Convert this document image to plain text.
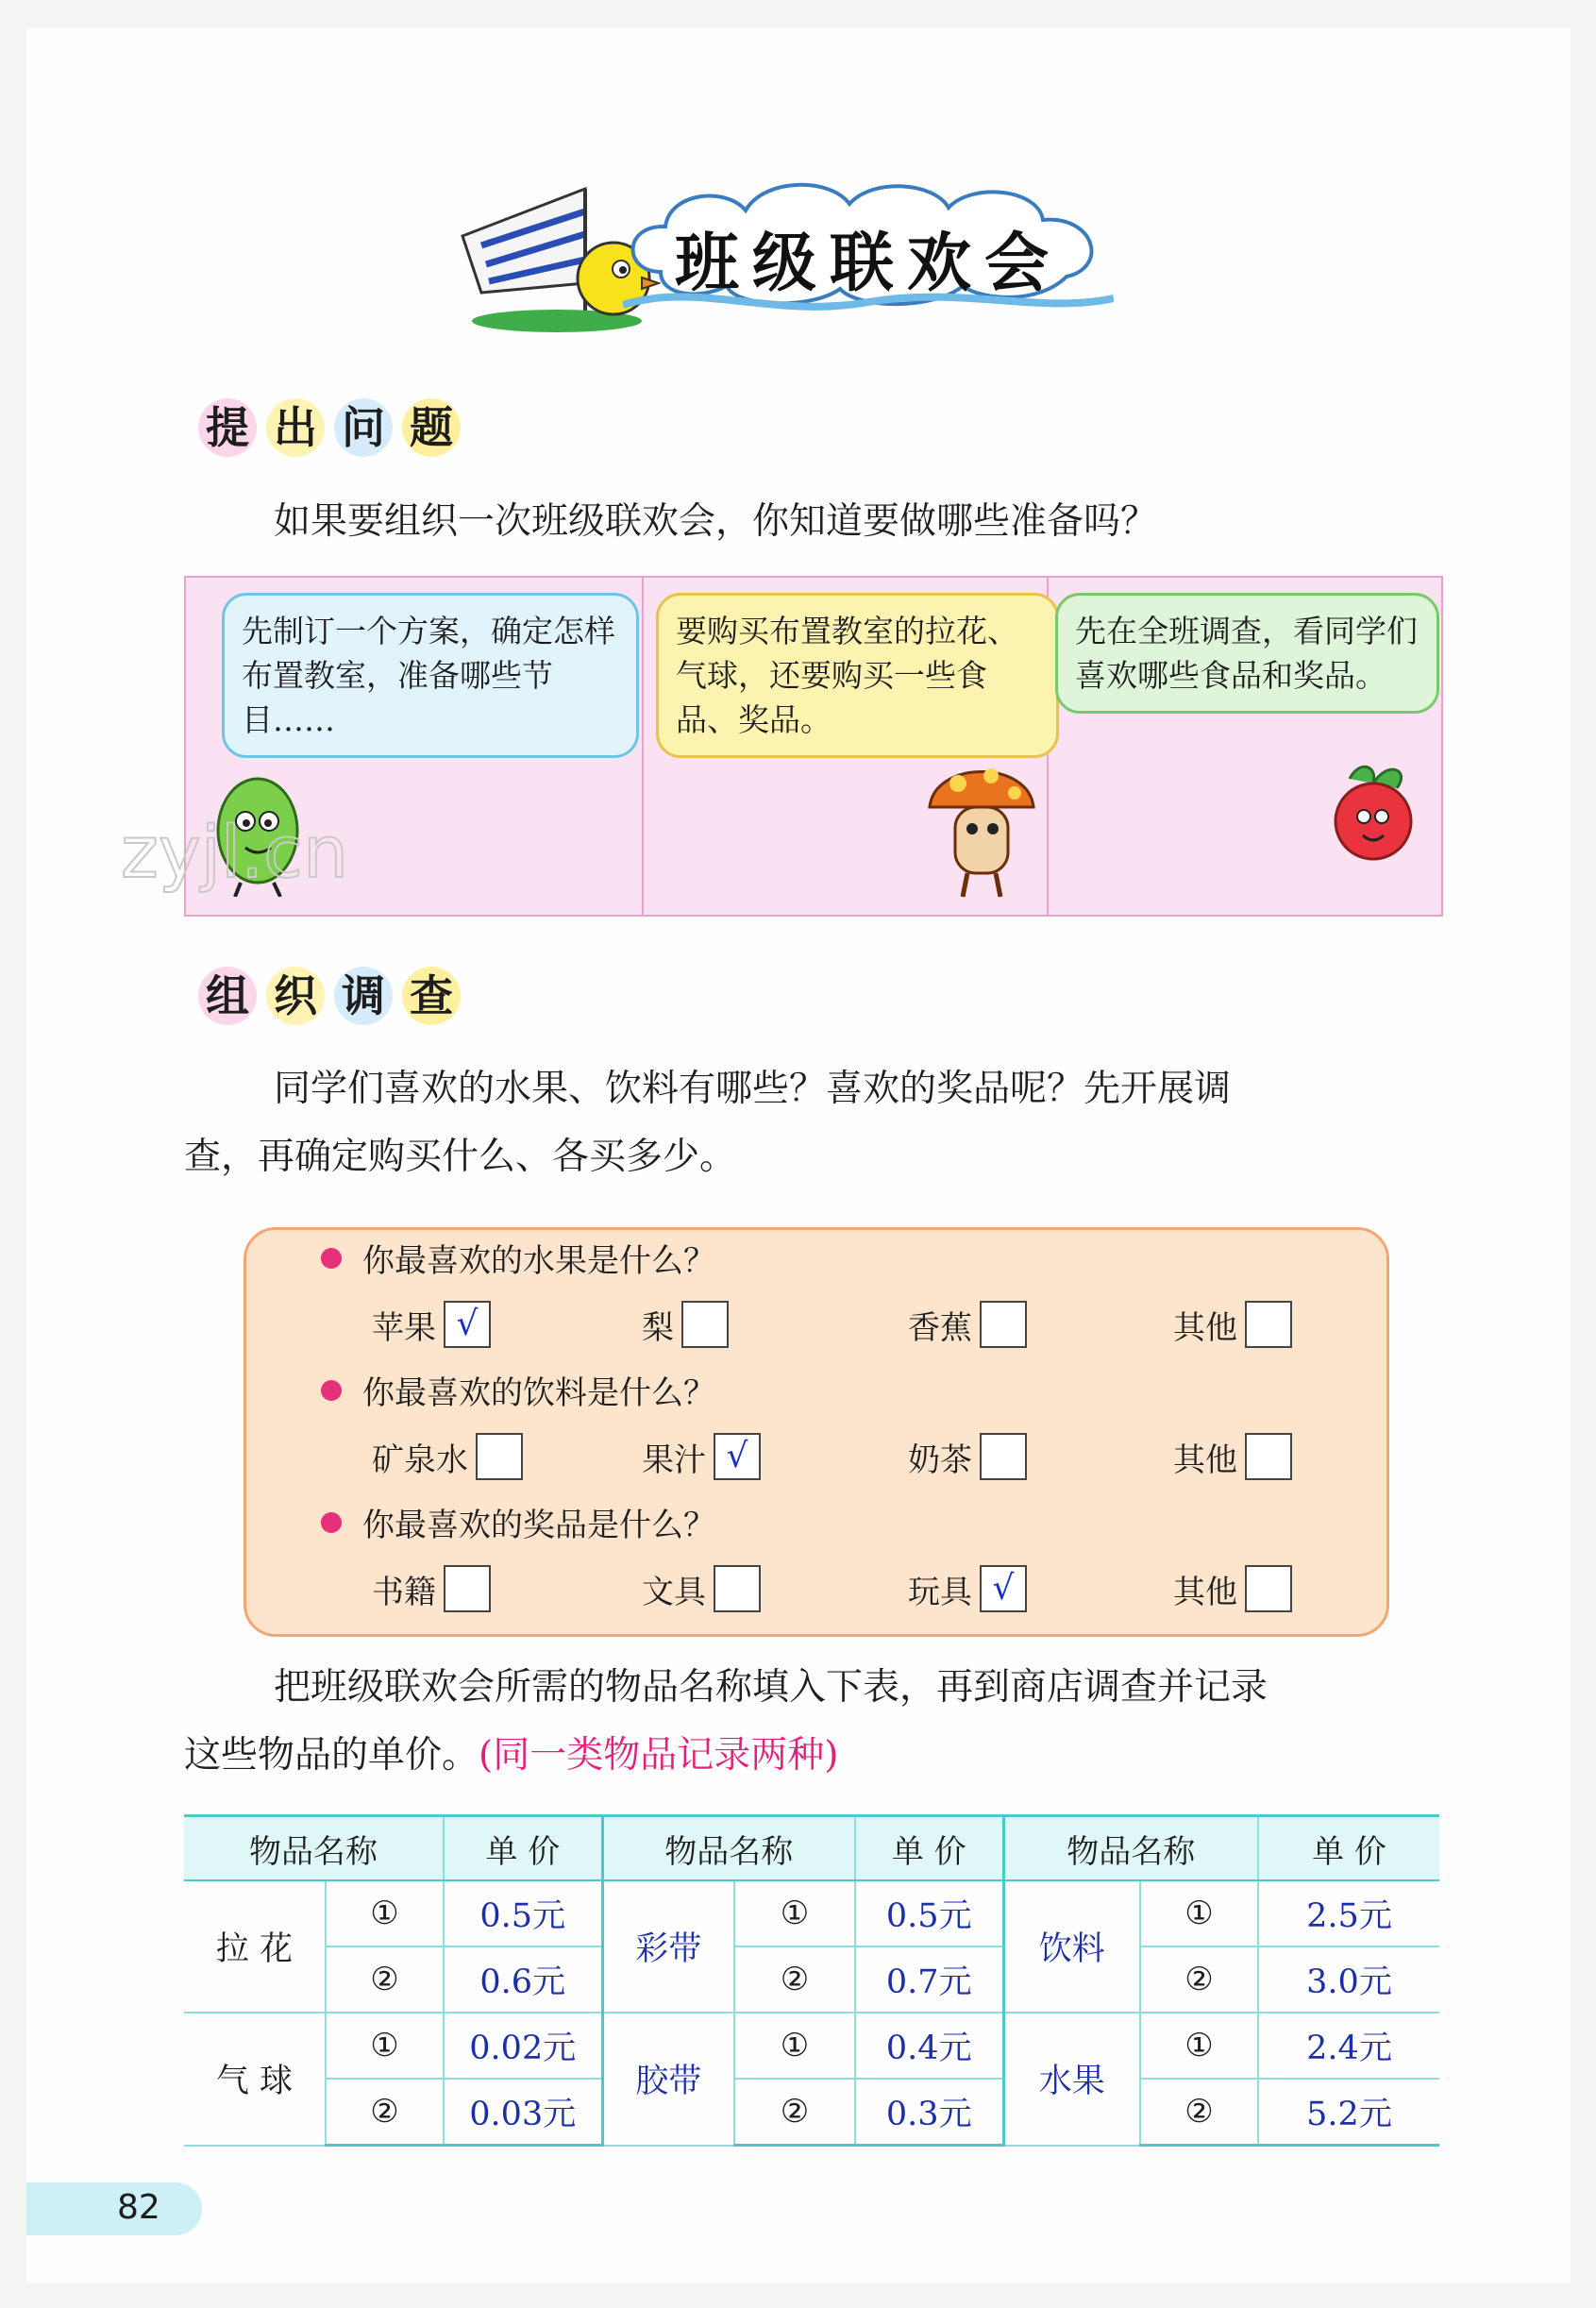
班级联欢会
提 出 问 题
如果要组织一次班级联欢会，你知道要做哪些准备吗？
先制订一个方案，确定怎样布置教室，准备哪些节目……
要购买布置教室的拉花、气球，还要购买一些食品、奖品。
先在全班调查，看同学们喜欢哪些食品和奖品。
zyjl.cn
组 织 调 查
同学们喜欢的水果、饮料有哪些？喜欢的奖品呢？先开展调
查，再确定购买什么、各买多少。
你最喜欢的水果是什么？
苹果 √	梨	香蕉	其他
你最喜欢的饮料是什么？
矿泉水	果汁 √	奶茶	其他
你最喜欢的奖品是什么？
书籍	文具	玩具 √	其他
把班级联欢会所需的物品名称填入下表，再到商店调查并记录
这些物品的单价。(同一类物品记录两种)
物品名称		单 价	物品名称		单 价	物品名称		单 价
拉 花	①	0.5元	彩带	①	0.5元	饮料	①	2.5元
	②	0.6元		②	0.7元		②	3.0元
气 球	①	0.02元	胶带	①	0.4元	水果	①	2.4元
	②	0.03元		②	0.3元		②	5.2元
82
